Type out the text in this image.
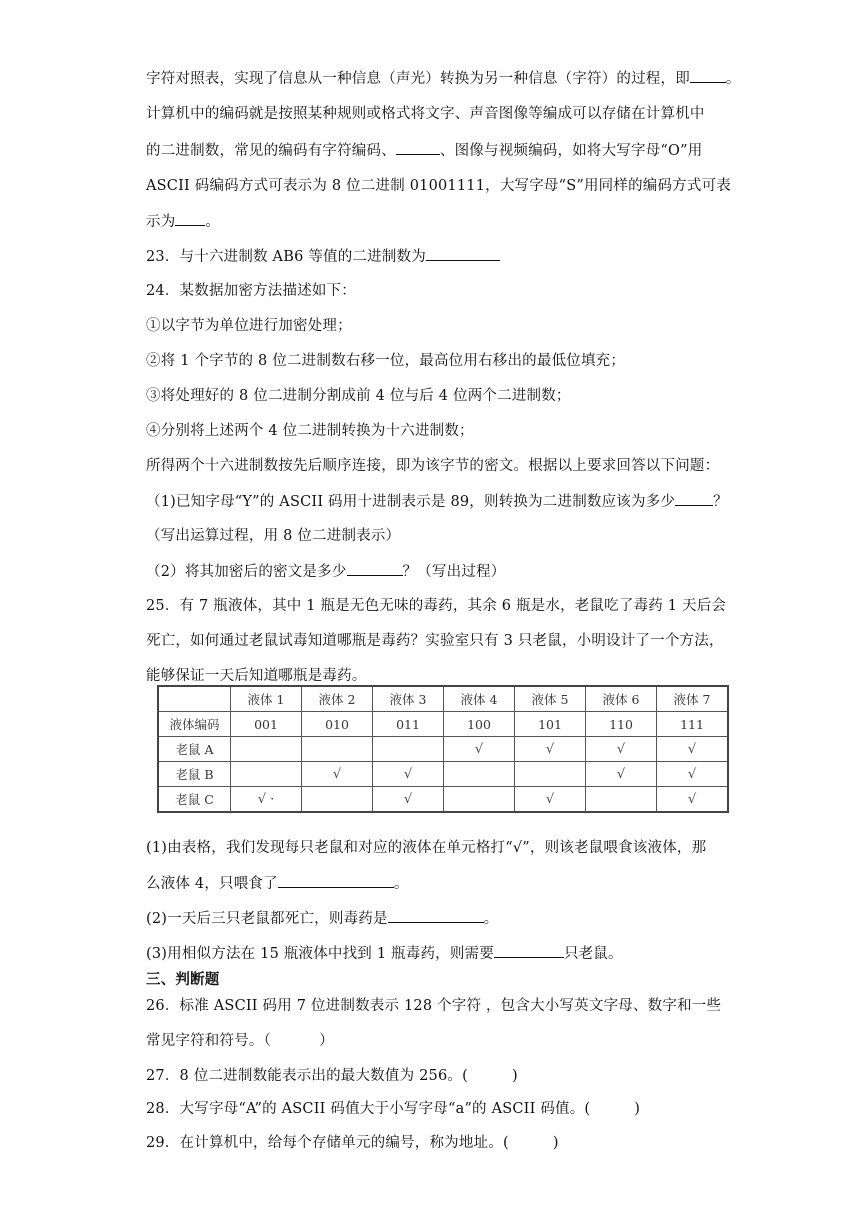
字符对照表，实现了信息从一种信息（声光）转换为另一种信息（字符）的过程，即 。
计算机中的编码就是按照某种规则或格式将文字、声音图像等编成可以存储在计算机中
的二进制数，常见的编码有字符编码、	、图像与视频编码，如将大写字母“O”用
ASCII 码编码方式可表示为 8 位二进制 01001111，大写字母“S”用同样的编码方式可表
示为 。
23．与十六进制数 AB6 等值的二进制数为
24．某数据加密方法描述如下：
①以字节为单位进行加密处理；
②将 1 个字节的 8 位二进制数右移一位，最高位用右移出的最低位填充；
③将处理好的 8 位二进制分割成前 4 位与后 4 位两个二进制数；
④分别将上述两个 4 位二进制转换为十六进制数；
所得两个十六进制数按先后顺序连接，即为该字节的密文。根据以上要求回答以下问题：
（1)已知字母“Y”的 ASCII 码用十进制表示是 89，则转换为二进制数应该为多少	？
（写出运算过程，用 8 位二进制表示）
（2）将其加密后的密文是多少	？（写出过程）
25．有 7 瓶液体，其中 1 瓶是无色无味的毒药，其余 6 瓶是水，老鼠吃了毒药 1 天后会
死亡，如何通过老鼠试毒知道哪瓶是毒药？实验室只有 3 只老鼠，小明设计了一个方法，
能够保证一天后知道哪瓶是毒药。
	液体 1	液体 2	液体 3	液体 4	液体 5	液体 6	液体 7
液体编码	001	010	011	100	101	110	111
老鼠 A				√	√	√	√
老鼠 B		√	√			√	√
老鼠 C	√ ·		√		√		√
(1)由表格，我们发现每只老鼠和对应的液体在单元格打“√”，则该老鼠喂食该液体，那
么液体 4，只喂食了	。
(2)一天后三只老鼠都死亡，则毒药是	。
(3)用相似方法在 15 瓶液体中找到 1 瓶毒药，则需要	只老鼠。
三、判断题
26．标准 ASCII 码用 7 位进制数表示 128 个字符 ，包含大小写英文字母、数字和一些
常见字符和符号。（	）
27．8 位二进制数能表示出的最大数值为 256。(	)
28．大写字母“A”的 ASCII 码值大于小写字母“a”的 ASCII 码值。(	)
29．在计算机中，给每个存储单元的编号，称为地址。(	)
